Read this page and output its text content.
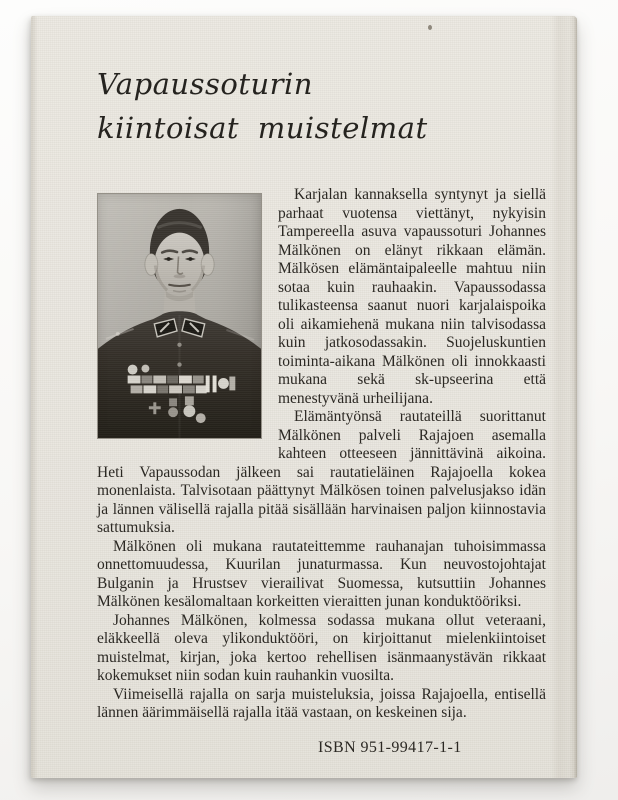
Vapaussoturin
kiintoisat muistelmat

Karjalan kannaksella syntynyt ja siellä parhaat vuotensa viettänyt, nykyisin Tampereella asuva vapaussoturi Johannes Mälkönen on elänyt rikkaan elämän. Mälkösen elämäntaipaleelle mahtuu niin sotaa kuin rauhaakin. Vapaussodassa tulikasteensa saanut nuori karjalaispoika oli aikamiehenä mukana niin talvisodassa kuin jatkosodassakin. Suojeluskuntien toiminta-aikana Mälkönen oli innokkaasti mukana sekä sk-upseerina että menestyvänä urheilijana.

Elämäntyönsä rautateillä suorittanut Mälkönen palveli Rajajoen asemalla kahteen otteeseen jännittävinä aikoina. Heti Vapaussodan jälkeen sai rautatieläinen Rajajoella kokea monenlaista. Talvisotaan päättynyt Mälkösen toinen palvelusjakso idän ja lännen välisellä rajalla pitää sisällään harvinaisen paljon kiinnostavia sattumuksia.

Mälkönen oli mukana rautateittemme rauhanajan tuhoisimmassa onnettomuudessa, Kuurilan junaturmassa. Kun neuvostojohtajat Bulganin ja Hrustsev vierailivat Suomessa, kutsuttiin Johannes Mälkönen kesälomaltaan korkeitten vieraitten junan konduktööriksi.

Johannes Mälkönen, kolmessa sodassa mukana ollut veteraani, eläkkeellä oleva ylikonduktööri, on kirjoittanut mielenkiintoiset muistelmat, kirjan, joka kertoo rehellisen isänmaanystävän rikkaat kokemukset niin sodan kuin rauhankin vuosilta.

Viimeisellä rajalla on sarja muisteluksia, joissa Rajajoella, entisellä lännen äärimmäisellä rajalla itää vastaan, on keskeinen sija.

ISBN 951-99417-1-1
